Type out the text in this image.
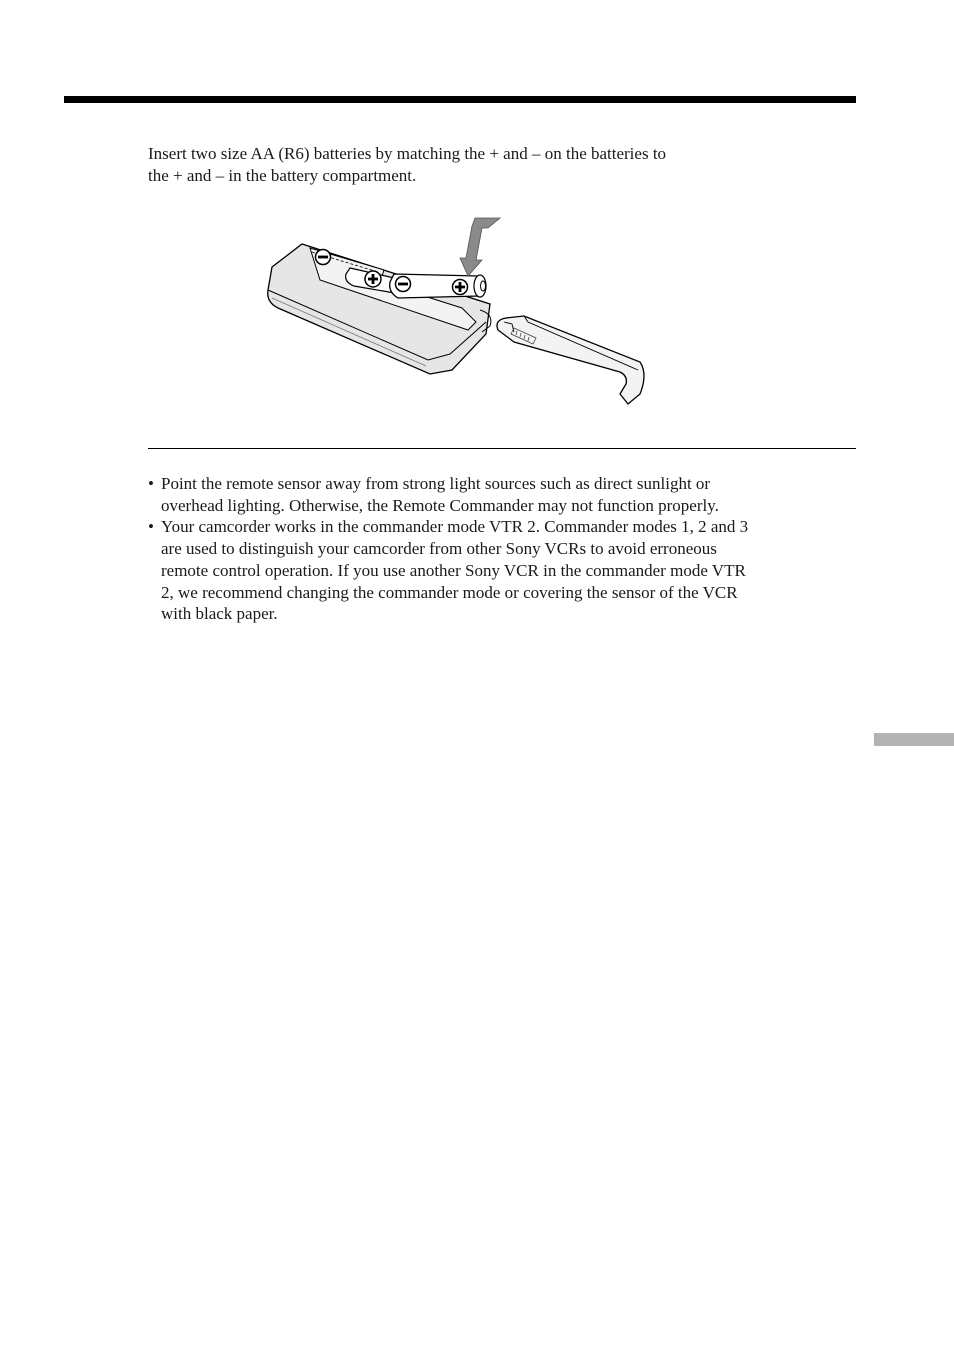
Insert two size AA (R6) batteries by matching the + and – on the batteries to
the + and – in the battery compartment.

• Point the remote sensor away from strong light sources such as direct sunlight or
overhead lighting. Otherwise, the Remote Commander may not function properly.
• Your camcorder works in the commander mode VTR 2. Commander modes 1, 2 and 3
are used to distinguish your camcorder from other Sony VCRs to avoid erroneous
remote control operation. If you use another Sony VCR in the commander mode VTR
2, we recommend changing the commander mode or covering the sensor of the VCR
with black paper.
